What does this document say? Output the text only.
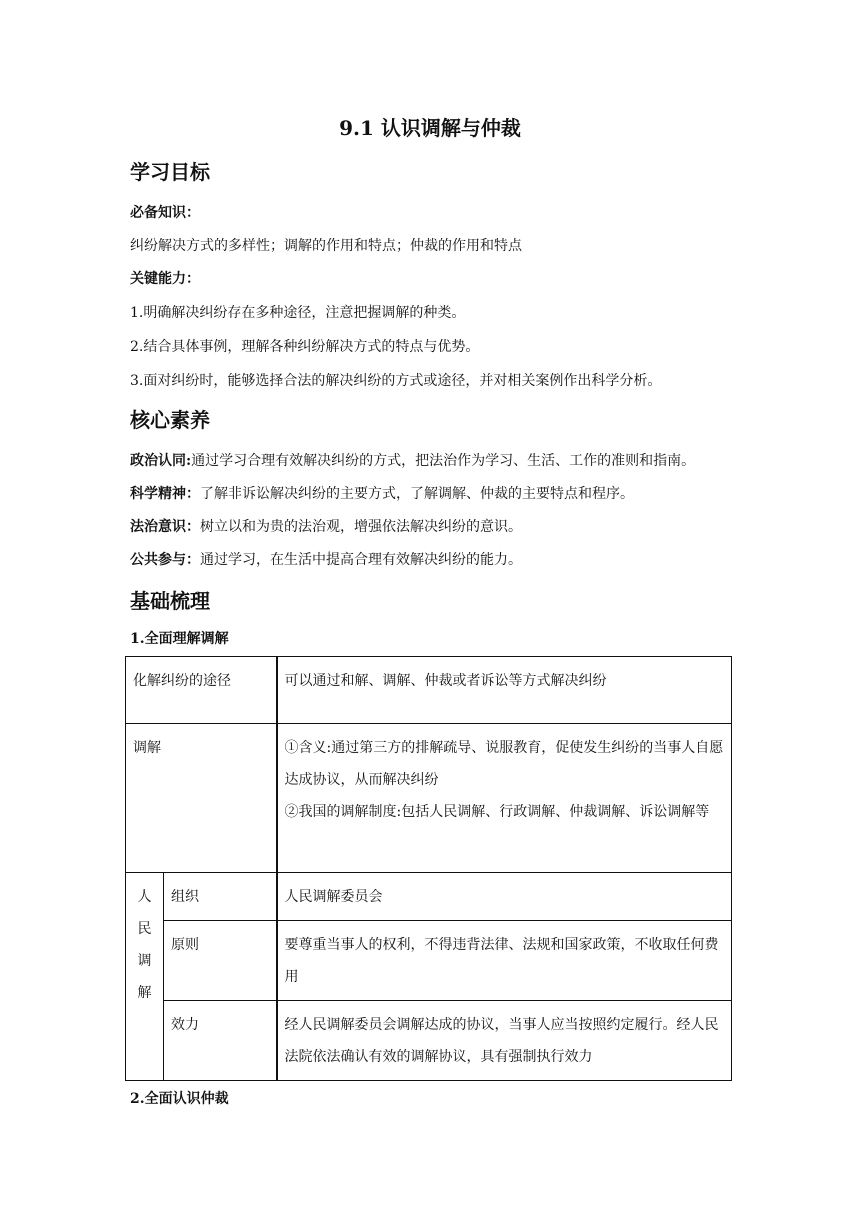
9.1 认识调解与仲裁
学习目标
必备知识：
纠纷解决方式的多样性；调解的作用和特点；仲裁的作用和特点
关键能力：
1.明确解决纠纷存在多种途径，注意把握调解的种类。
2.结合具体事例，理解各种纠纷解决方式的特点与优势。
3.面对纠纷时，能够选择合法的解决纠纷的方式或途径，并对相关案例作出科学分析。
核心素养
政治认同:通过学习合理有效解决纠纷的方式，把法治作为学习、生活、工作的准则和指南。
科学精神：了解非诉讼解决纠纷的主要方式，了解调解、仲裁的主要特点和程序。
法治意识：树立以和为贵的法治观，增强依法解决纠纷的意识。
公共参与：通过学习，在生活中提高合理有效解决纠纷的能力。
基础梳理
1.全面理解调解
化解纠纷的途径		可以通过和解、调解、仲裁或者诉讼等方式解决纠纷
调解		①含义:通过第三方的排解疏导、说服教育，促使发生纠纷的当事人自愿达成协议，从而解决纠纷
②我国的调解制度:包括人民调解、行政调解、仲裁调解、诉讼调解等

人
民
调
解	组织	人民调解委员会
	原则	要尊重当事人的权利，不得违背法律、法规和国家政策，不收取任何费用
	效力	经人民调解委员会调解达成的协议，当事人应当按照约定履行。经人民法院依法确认有效的调解协议，具有强制执行效力
2.全面认识仲裁
